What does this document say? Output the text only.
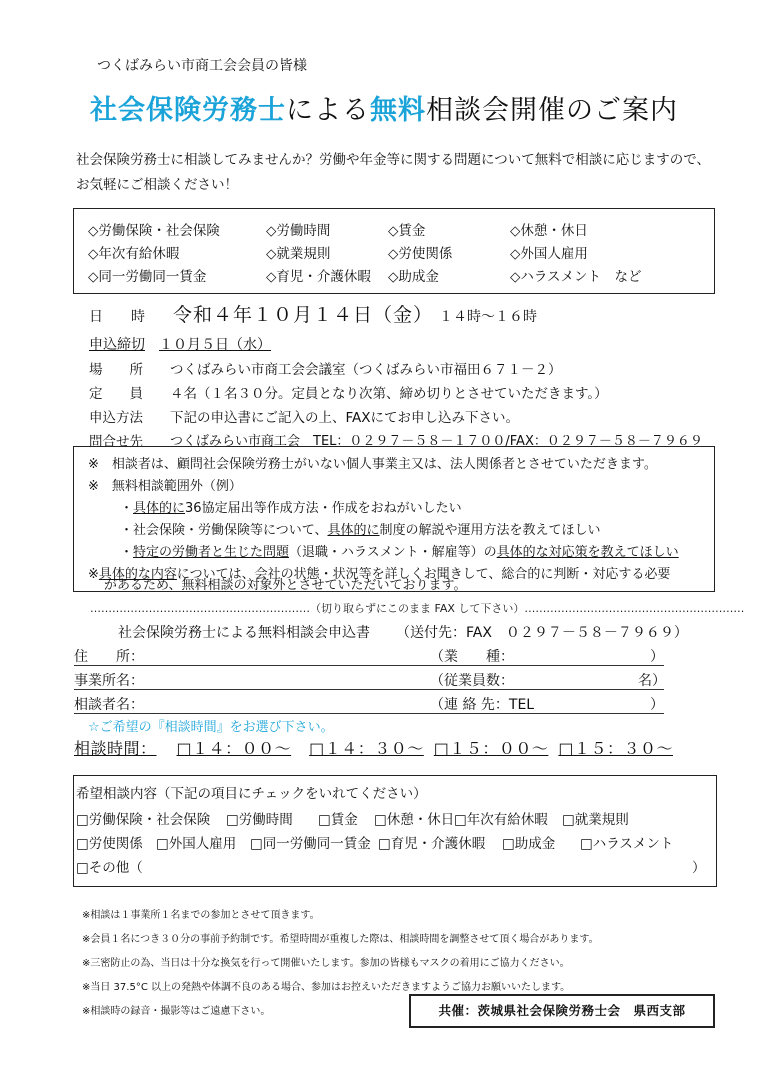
つくばみらい市商工会会員の皆様
社会保険労務士による無料相談会開催のご案内
社会保険労務士に相談してみませんか？労働や年金等に関する問題について無料で相談に応じますので、
お気軽にご相談ください！
◇労働保険・社会保険	◇労働時間	◇賃金	◇休憩・休日
◇年次有給休暇	◇就業規則	◇労使関係	◇外国人雇用
◇同一労働同一賃金	◇育児・介護休暇 ◇助成金	◇ハラスメント　など
日　　時 令和４年１０月１４日（金） １４時～１６時
申込締切 １０月５日（水）
場　　所 つくばみらい市商工会会議室（つくばみらい市福田６７１－２）
定　　員 ４名（１名３０分。定員となり次第、締め切りとさせていただきます。）
申込方法 下記の申込書にご記入の上、FAXにてお申し込み下さい。
問合せ先 つくばみらい市商工会　TEL：０２９７－５８－１７００/FAX：０２９７－５８－７９６９
※　相談者は、顧問社会保険労務士がいない個人事業主又は、法人関係者とさせていただきます。
※　無料相談範囲外（例）
・具体的に36協定届出等作成方法・作成をおねがいしたい
・社会保険・労働保険等について、具体的に制度の解説や運用方法を教えてほしい
・特定の労働者と生じた問題（退職・ハラスメント・解雇等）の具体的な対応策を教えてほしい
※具体的な内容については、会社の状態・状況等を詳しくお聞きして、総合的に判断・対応する必要
があるため、無料相談の対象外とさせていただいております。
……………………………………………………（切り取らずにこのまま FAX して下さい）……………………………………………………
社会保険労務士による無料相談会申込書 （送付先：FAX　０２９７－５８－７９６９）
住　　所：	（業　　種：	）
事業所名：	（従業員数：	名）
相談者名：	（連 絡 先：TEL	）
☆ご希望の『相談時間』をお選び下さい。
相談時間： □１４：００～ □１４：３０～ □１５：００～ □１５：３０～
希望相談内容（下記の項目にチェックをいれてください）
□労働保険・社会保険 □労働時間 □賃金 □休憩・休日 □年次有給休暇 □就業規則
□労使関係 □外国人雇用 □同一労働同一賃金 □育児・介護休暇 □助成金 □ハラスメント
□その他（	）
※相談は１事業所１名までの参加とさせて頂きます。
※会員１名につき３０分の事前予約制です。希望時間が重複した際は、相談時間を調整させて頂く場合があります。
※三密防止の為、当日は十分な換気を行って開催いたします。参加の皆様もマスクの着用にご協力ください。
※当日 37.5°C 以上の発熱や体調不良のある場合、参加はお控えいただきますようご協力お願いいたします。
※相談時の録音・撮影等はご遠慮下さい。	共催：茨城県社会保険労務士会　県西支部
